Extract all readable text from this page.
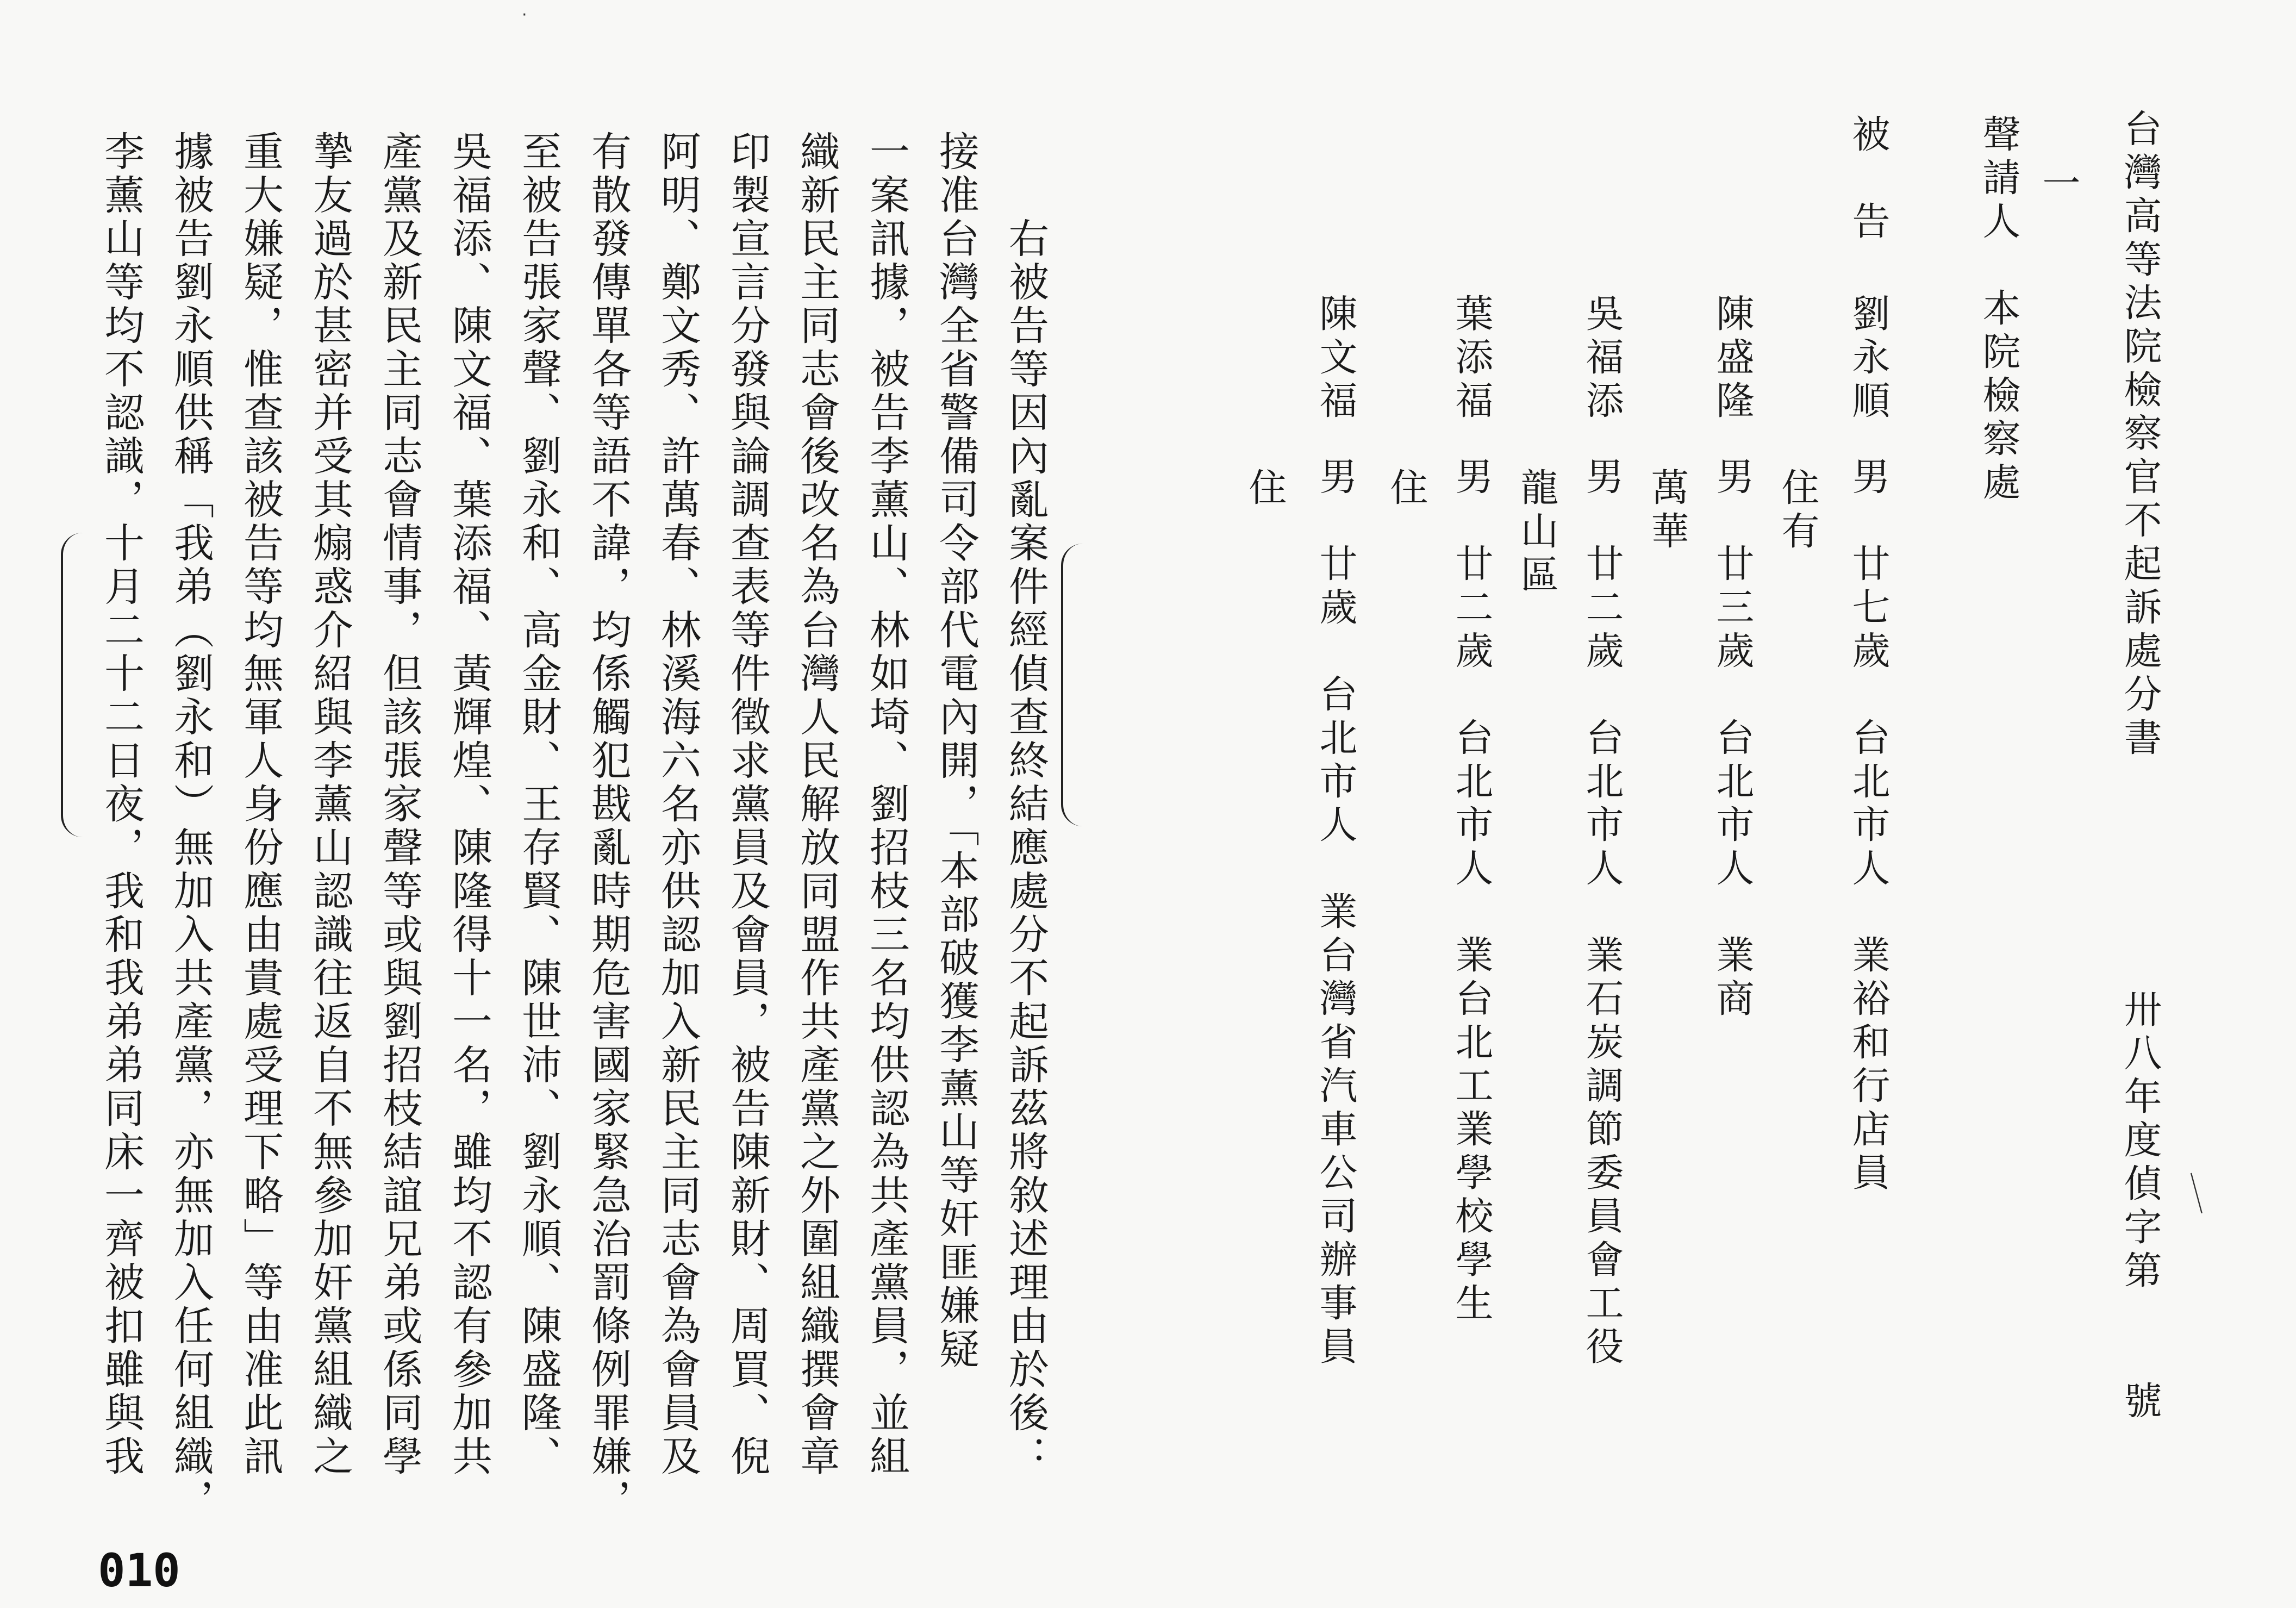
右被告等因內亂案件經偵查終結應處分不起訴茲將敘述理由於後：
接准台灣全省警備司令部代電內開，「本部破獲李薰山等奸匪嫌疑
一案訊據，被告李薰山、林如埼、劉招枝三名均供認為共產黨員，並組
織新民主同志會後改名為台灣人民解放同盟作共產黨之外圍組織撰會章
印製宣言分發與論調查表等件徵求黨員及會員，被告陳新財、周買、倪
阿明、鄭文秀、許萬春、林溪海六名亦供認加入新民主同志會為會員及
有散發傳單各等語不諱，均係觸犯戡亂時期危害國家緊急治罰條例罪嫌，
至被告張家聲、劉永和、高金財、王存賢、陳世沛、劉永順、陳盛隆、
吳福添、陳文福、葉添福、黃輝煌、陳隆得十一名，雖均不認有參加共
產黨及新民主同志會情事，但該張家聲等或與劉招枝結誼兄弟或係同學
摯友過於甚密并受其煽惑介紹與李薰山認識往返自不無參加奸黨組織之
重大嫌疑，惟查該被告等均無軍人身份應由貴處受理下略」等由准此訊
據被告劉永順供稱「我弟（劉永和）無加入共產黨，亦無加入任何組織，
李薰山等均不認識，十月二十二日夜，我和我弟弟同床一齊被扣雖與我
010
·
台灣高等法院檢察官不起訴處分書
卅八年度偵字第　　號
一
聲請人　本院檢察處
被　告
劉永順
男　廿七歲　台北市人　業裕和行店員
住有
陳盛隆
男　廿三歲　台北市人　業商
萬華
吳福添
男　廿二歲　台北市人　業石炭調節委員會工役
龍山區
葉添福
男　廿二歲　台北市人　業台北工業學校學生
住
陳文福
男　廿歲　台北市人　業台灣省汽車公司辦事員
住
＼
